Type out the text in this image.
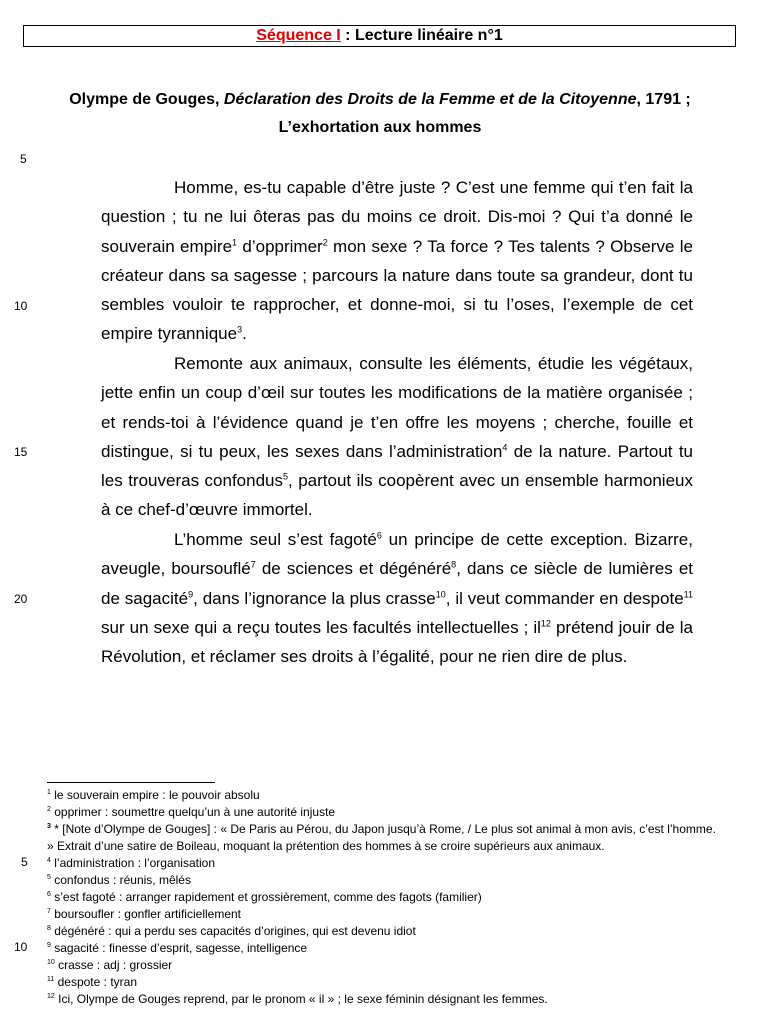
Séquence I : Lecture linéaire n°1
Olympe de Gouges, Déclaration des Droits de la Femme et de la Citoyenne, 1791 ;
L’exhortation aux hommes
5
10
15
20

Homme, es-tu capable d’être juste ? C’est une femme qui t’en fait la question ; tu ne lui ôteras pas du moins ce droit. Dis-moi ? Qui t’a donné le souverain empire$^1$ d’opprimer$^2$ mon sexe ? Ta force ? Tes talents ? Observe le créateur dans sa sagesse ; parcours la nature dans toute sa grandeur, dont tu sembles vouloir te rapprocher, et donne-moi, si tu l’oses, l’exemple de cet empire tyrannique$^3$.

Remonte aux animaux, consulte les éléments, étudie les végétaux, jette enfin un coup d’œil sur toutes les modifications de la matière organisée ; et rends-toi à l’évidence quand je t’en offre les moyens ; cherche, fouille et distingue, si tu peux, les sexes dans l’administration$^4$ de la nature. Partout tu les trouveras confondus$^5$, partout ils coopèrent avec un ensemble harmonieux à ce chef-d’œuvre immortel.

L’homme seul s’est fagoté$^6$ un principe de cette exception. Bizarre, aveugle, boursouflé$^7$ de sciences et dégénéré$^8$, dans ce siècle de lumières et de sagacité$^9$, dans l’ignorance la plus crasse$^{10}$, il veut commander en despote$^{11}$ sur un sexe qui a reçu toutes les facultés intellectuelles ; $il^{12}$ prétend jouir de la Révolution, et réclamer ses droits à l’égalité, pour ne rien dire de plus.

5
10

$^1$ le souverain empire : le pouvoir absolu

$^2$ opprimer : soumettre quelqu’un à une autorité injuste

$^3$ * [Note d’Olympe de Gouges] : « De Paris au Pérou, du Japon jusqu’à Rome, / Le plus sot animal à mon avis, c’est l’homme. » Extrait d’une satire de Boileau, moquant la prétention des hommes à se croire supérieurs aux animaux.

$^4$ l’administration : l’organisation

$^5$ confondus : réunis, mêlés

$^6$ s’est fagoté : arranger rapidement et grossièrement, comme des fagots (familier)

$^7$ boursoufler : gonfler artificiellement

$^8$ dégénéré : qui a perdu ses capacités d’origines, qui est devenu idiot

$^9$ sagacité : finesse d’esprit, sagesse, intelligence

$^{10}$ crasse : adj : grossier

$^{11}$ despote : tyran

$^{12}$ Ici, Olympe de Gouges reprend, par le pronom « il » ; le sexe féminin désignant les femmes.
